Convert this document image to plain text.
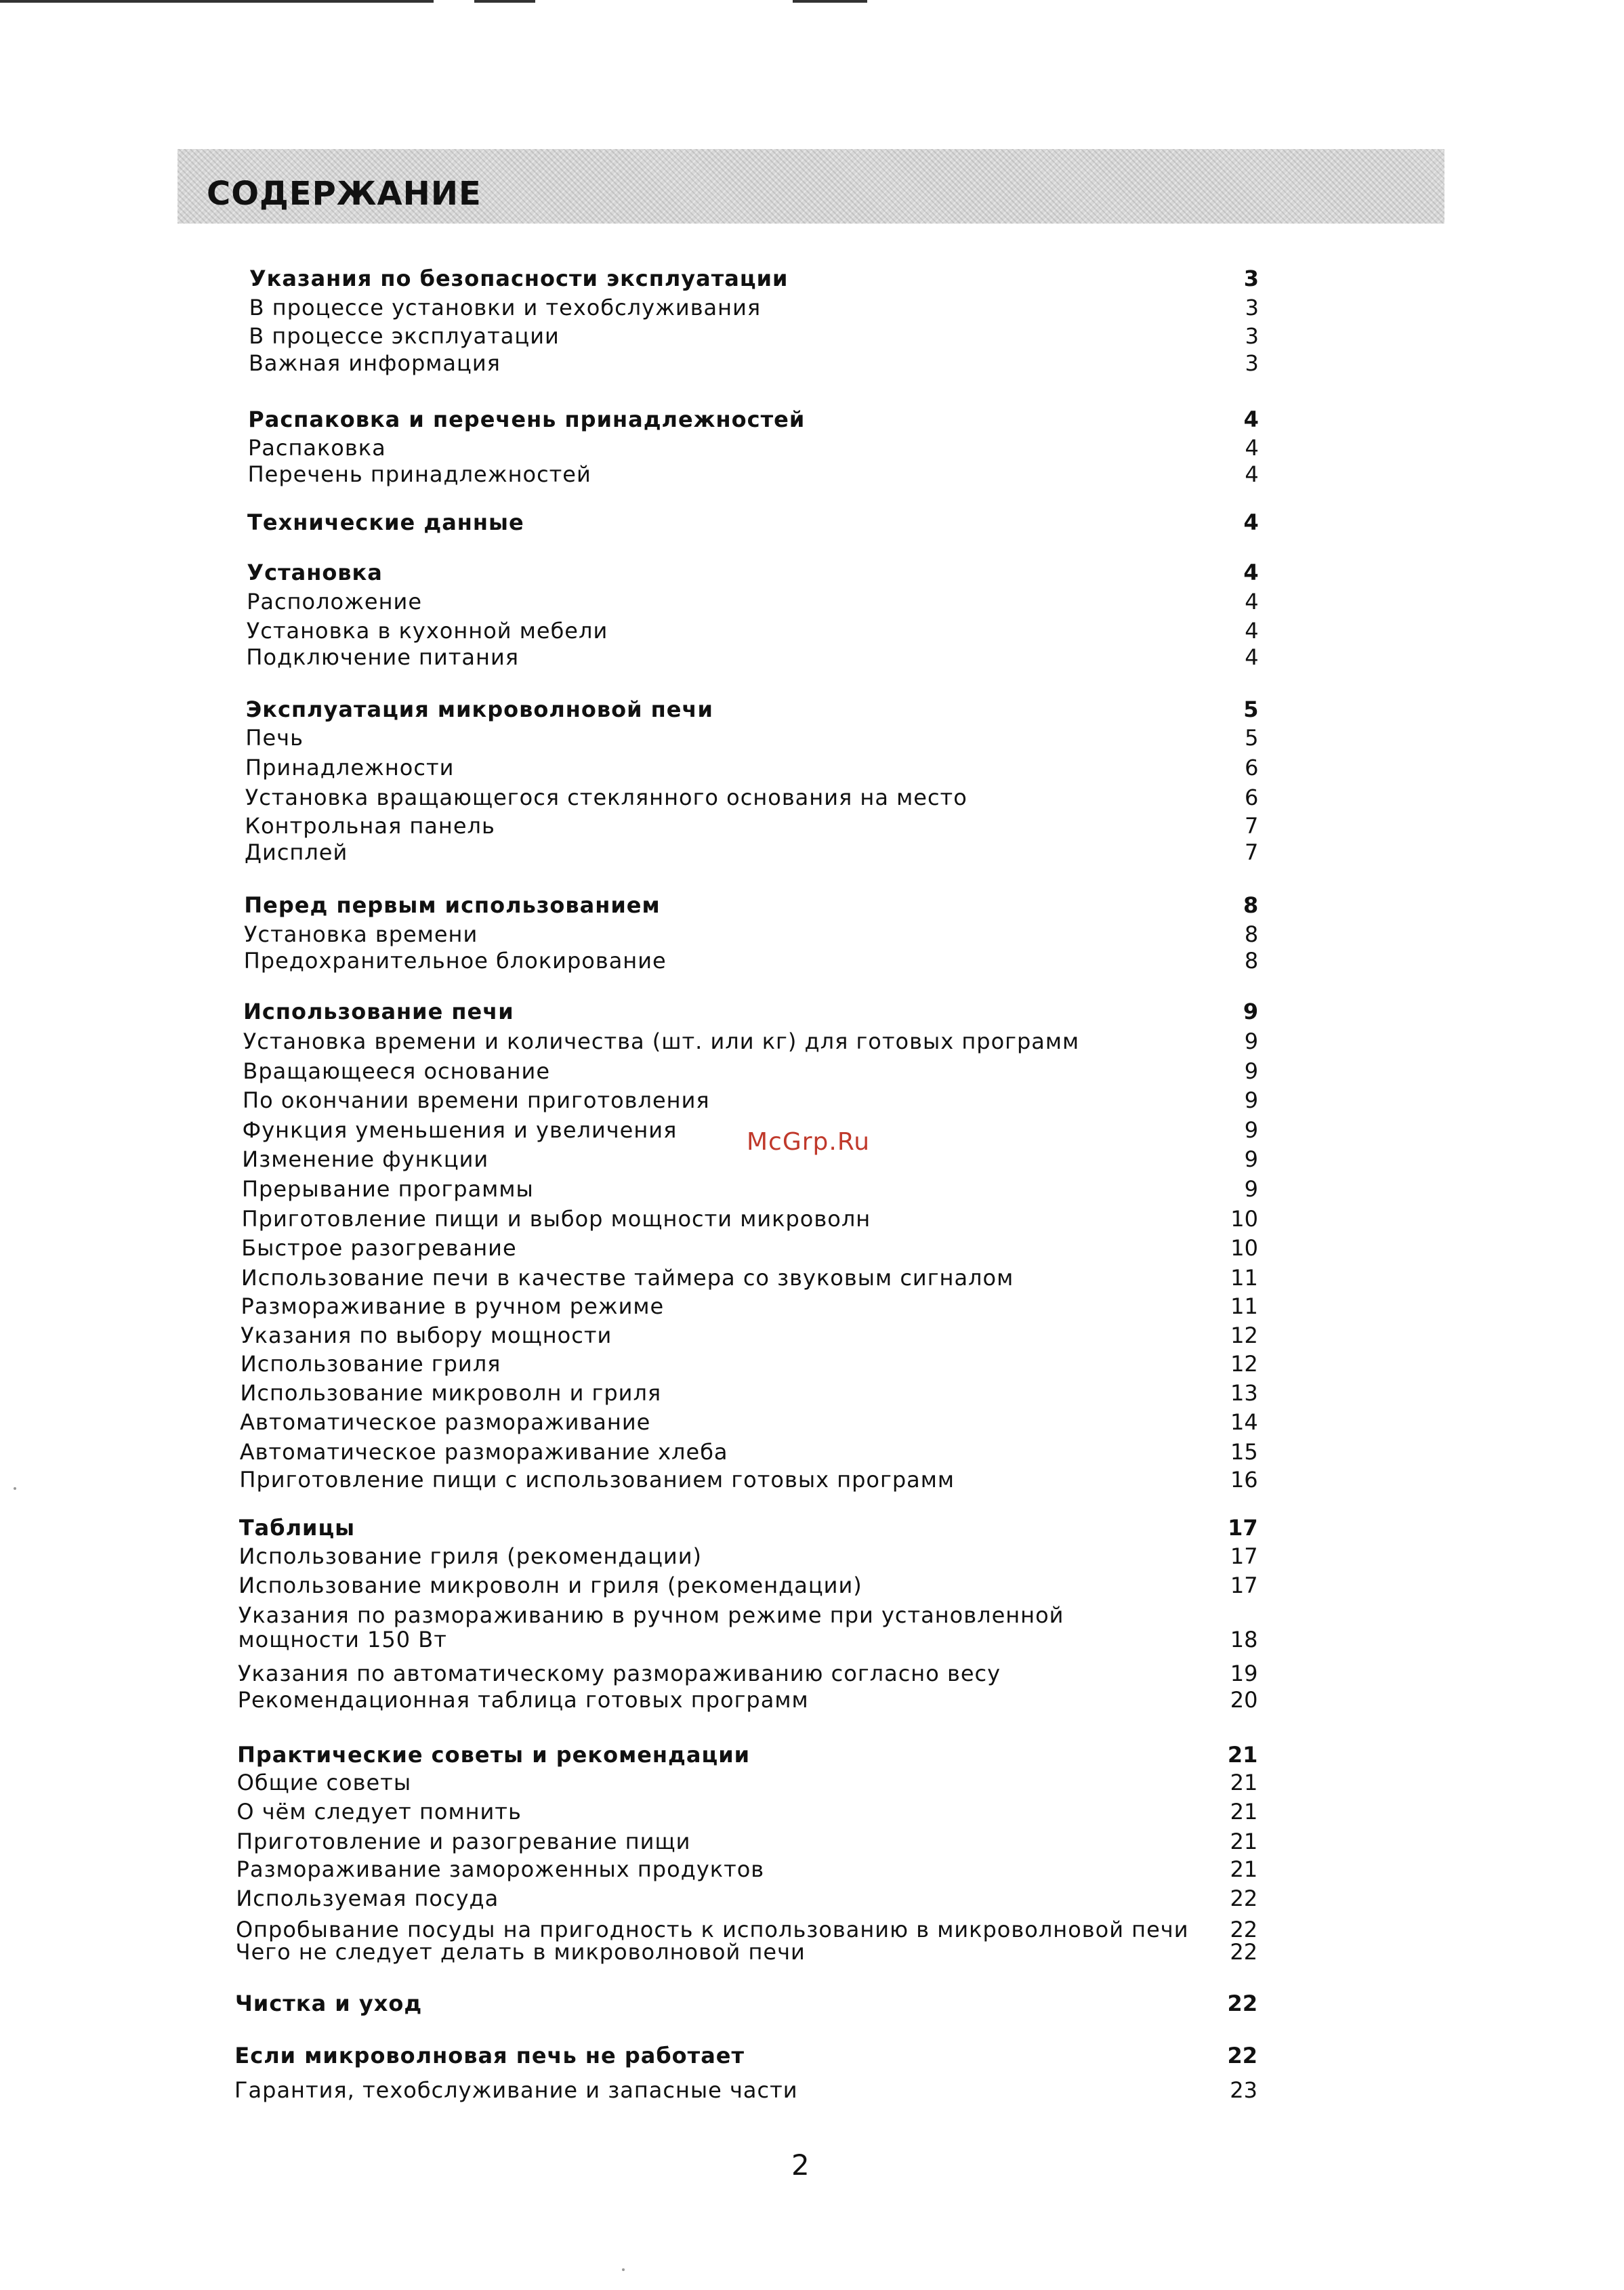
СОДЕРЖАНИЕ
Указания по безопасности эксплуатации	3
В процессе установки и техобслуживания	3
В процессе эксплуатации	3
Важная информация	3
Распаковка и перечень принадлежностей	4
Распаковка	4
Перечень принадлежностей	4
Технические данные	4
Установка	4
Расположение	4
Установка в кухонной мебели	4
Подключение питания	4
Эксплуатация микроволновой печи	5
Печь	5
Принадлежности	6
Установка вращающегося стеклянного основания на место	6
Контрольная панель	7
Дисплей	7
Перед первым использованием	8
Установка времени	8
Предохранительное блокирование	8
Использование печи	9
Установка времени и количества (шт. или кг) для готовых программ	9
Вращающееся основание	9
По окончании времени приготовления	9
Функция уменьшения и увеличения	9
Изменение функции	9
Прерывание программы	9
Приготовление пищи и выбор мощности микроволн	10
Быстрое разогревание	10
Использование печи в качестве таймера со звуковым сигналом	11
Размораживание в ручном режиме	11
Указания по выбору мощности	12
Использование гриля	12
Использование микроволн и гриля	13
Автоматическое размораживание	14
Автоматическое размораживание хлеба	15
Приготовление пищи с использованием готовых программ	16
Таблицы	17
Использование гриля (рекомендации)	17
Использование микроволн и гриля (рекомендации)	17
Указания по размораживанию в ручном режиме при установленной
мощности 150 Вт	18
Указания по автоматическому размораживанию согласно весу	19
Рекомендационная таблица готовых программ	20
Практические советы и рекомендации	21
Общие советы	21
О чём следует помнить	21
Приготовление и разогревание пищи	21
Размораживание замороженных продуктов	21
Используемая посуда	22
Опробывание посуды на пригодность к использованию в микроволновой печи 22
Чего не следует делать в микроволновой печи	22
Чистка и уход	22
Если микроволновая печь не работает	22
Гарантия, техобслуживание и запасные части	23
McGrp.Ru
2
